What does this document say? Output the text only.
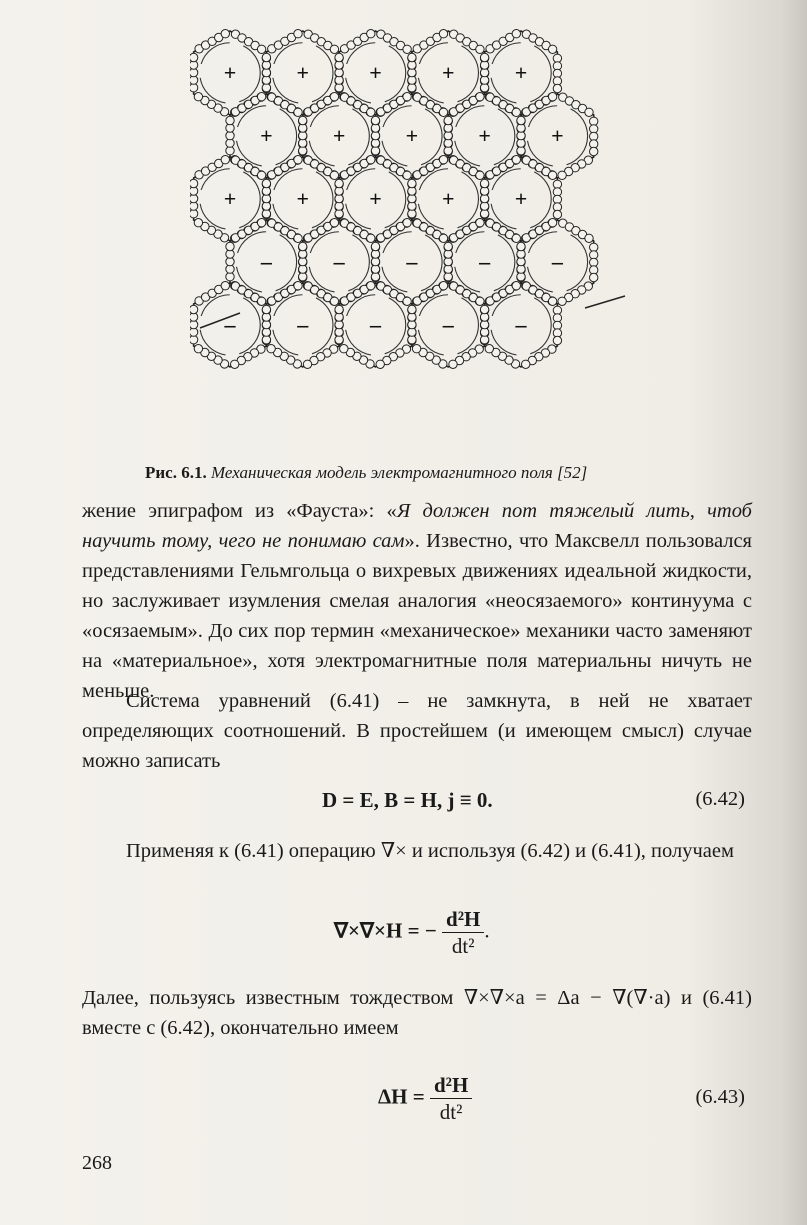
+	+	+	+	+
+	+	+	+	+
+	+	+	+	+
–	–	–	–	–
–	–	–	–	–
Рис. 6.1. Механическая модель электромагнитного поля [52]
жение эпиграфом из «Фауста»: «Я должен пот тяжелый лить, чтоб научить тому, чего не понимаю сам». Известно, что Максвелл пользовался представлениями Гельмгольца о вихревых движениях идеальной жидкости, но заслуживает изумления смелая аналогия «неосязаемого» континуума с «осязаемым». До сих пор термин «механическое» механики часто заменяют на «материальное», хотя электромагнитные поля материальны ничуть не меньше.
Система уравнений (6.41) – не замкнута, в ней не хватает определяющих соотношений. В простейшем (и имеющем смысл) случае можно записать
D = E, B = H, j ≡ 0.	(6.42)
Применяя к (6.41) операцию ∇× и используя (6.42) и (6.41), получаем
∇×∇×H = − $\frac{\text{d²H}}{\text{dt²}}$ .
Далее, пользуясь известным тождеством ∇×∇×a = Δa − ∇(∇·a) и (6.41) вместе с (6.42), окончательно имеем
$\Delta H = \frac{\text{d²H}}{\text{dt²}}$	(6.43)
268
